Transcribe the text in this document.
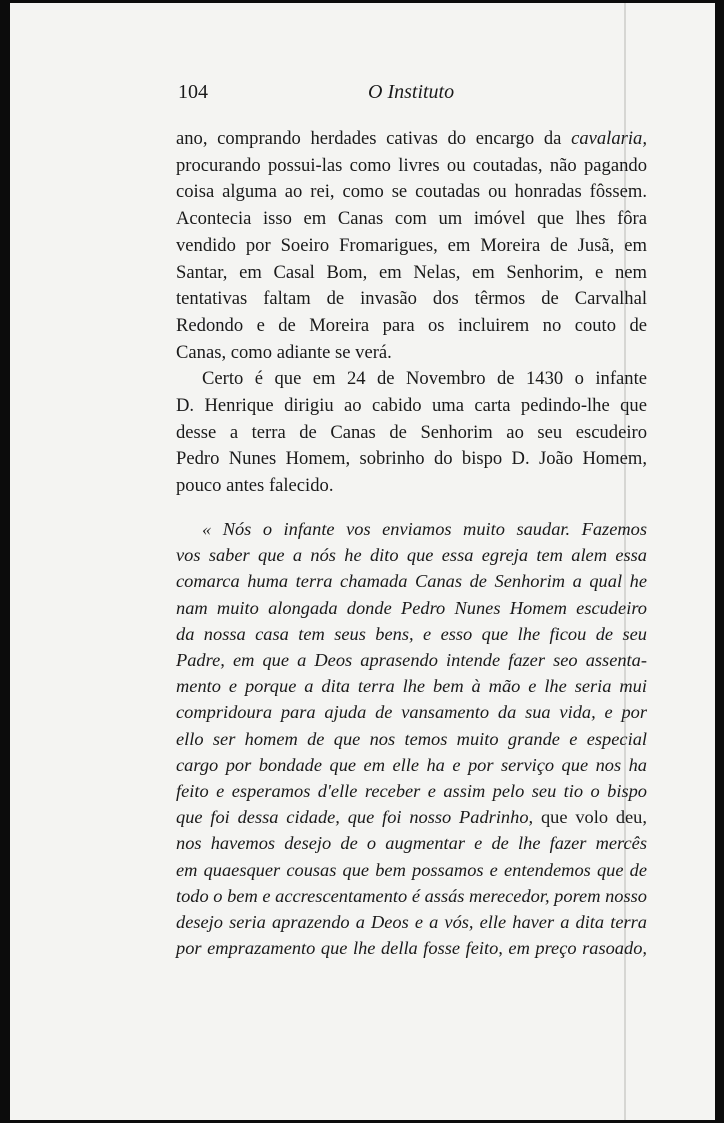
104	O Instituto
ano, comprando herdades cativas do encargo da cavalaria,
procurando possui-las como livres ou coutadas, não pagando
coisa alguma ao rei, como se coutadas ou honradas fôssem.
Acontecia isso em Canas com um imóvel que lhes fôra
vendido por Soeiro Fromarigues, em Moreira de Jusã, em
Santar, em Casal Bom, em Nelas, em Senhorim, e nem
tentativas faltam de invasão dos têrmos de Carvalhal
Redondo e de Moreira para os incluirem no couto de
Canas, como adiante se verá.
Certo é que em 24 de Novembro de 1430 o infante
D. Henrique dirigiu ao cabido uma carta pedindo-lhe que
desse a terra de Canas de Senhorim ao seu escudeiro
Pedro Nunes Homem, sobrinho do bispo D. João Homem,
pouco antes falecido.
« Nós o infante vos enviamos muito saudar. Fazemos
vos saber que a nós he dito que essa egreja tem alem essa
comarca huma terra chamada Canas de Senhorim a qual he
nam muito alongada donde Pedro Nunes Homem escudeiro
da nossa casa tem seus bens, e esso que lhe ficou de seu
Padre, em que a Deos aprasendo intende fazer seo assenta-
mento e porque a dita terra lhe bem à mão e lhe seria mui
compridoura para ajuda de vansamento da sua vida, e por
ello ser homem de que nos temos muito grande e especial
cargo por bondade que em elle ha e por serviço que nos ha
feito e esperamos d'elle receber e assim pelo seu tio o bispo
que foi dessa cidade, que foi nosso Padrinho, que volo deu,
nos havemos desejo de o augmentar e de lhe fazer mercês
em quaesquer cousas que bem possamos e entendemos que de
todo o bem e accrescentamento é assás merecedor, porem nosso
desejo seria aprazendo a Deos e a vós, elle haver a dita terra
por emprazamento que lhe della fosse feito, em preço rasoado,
